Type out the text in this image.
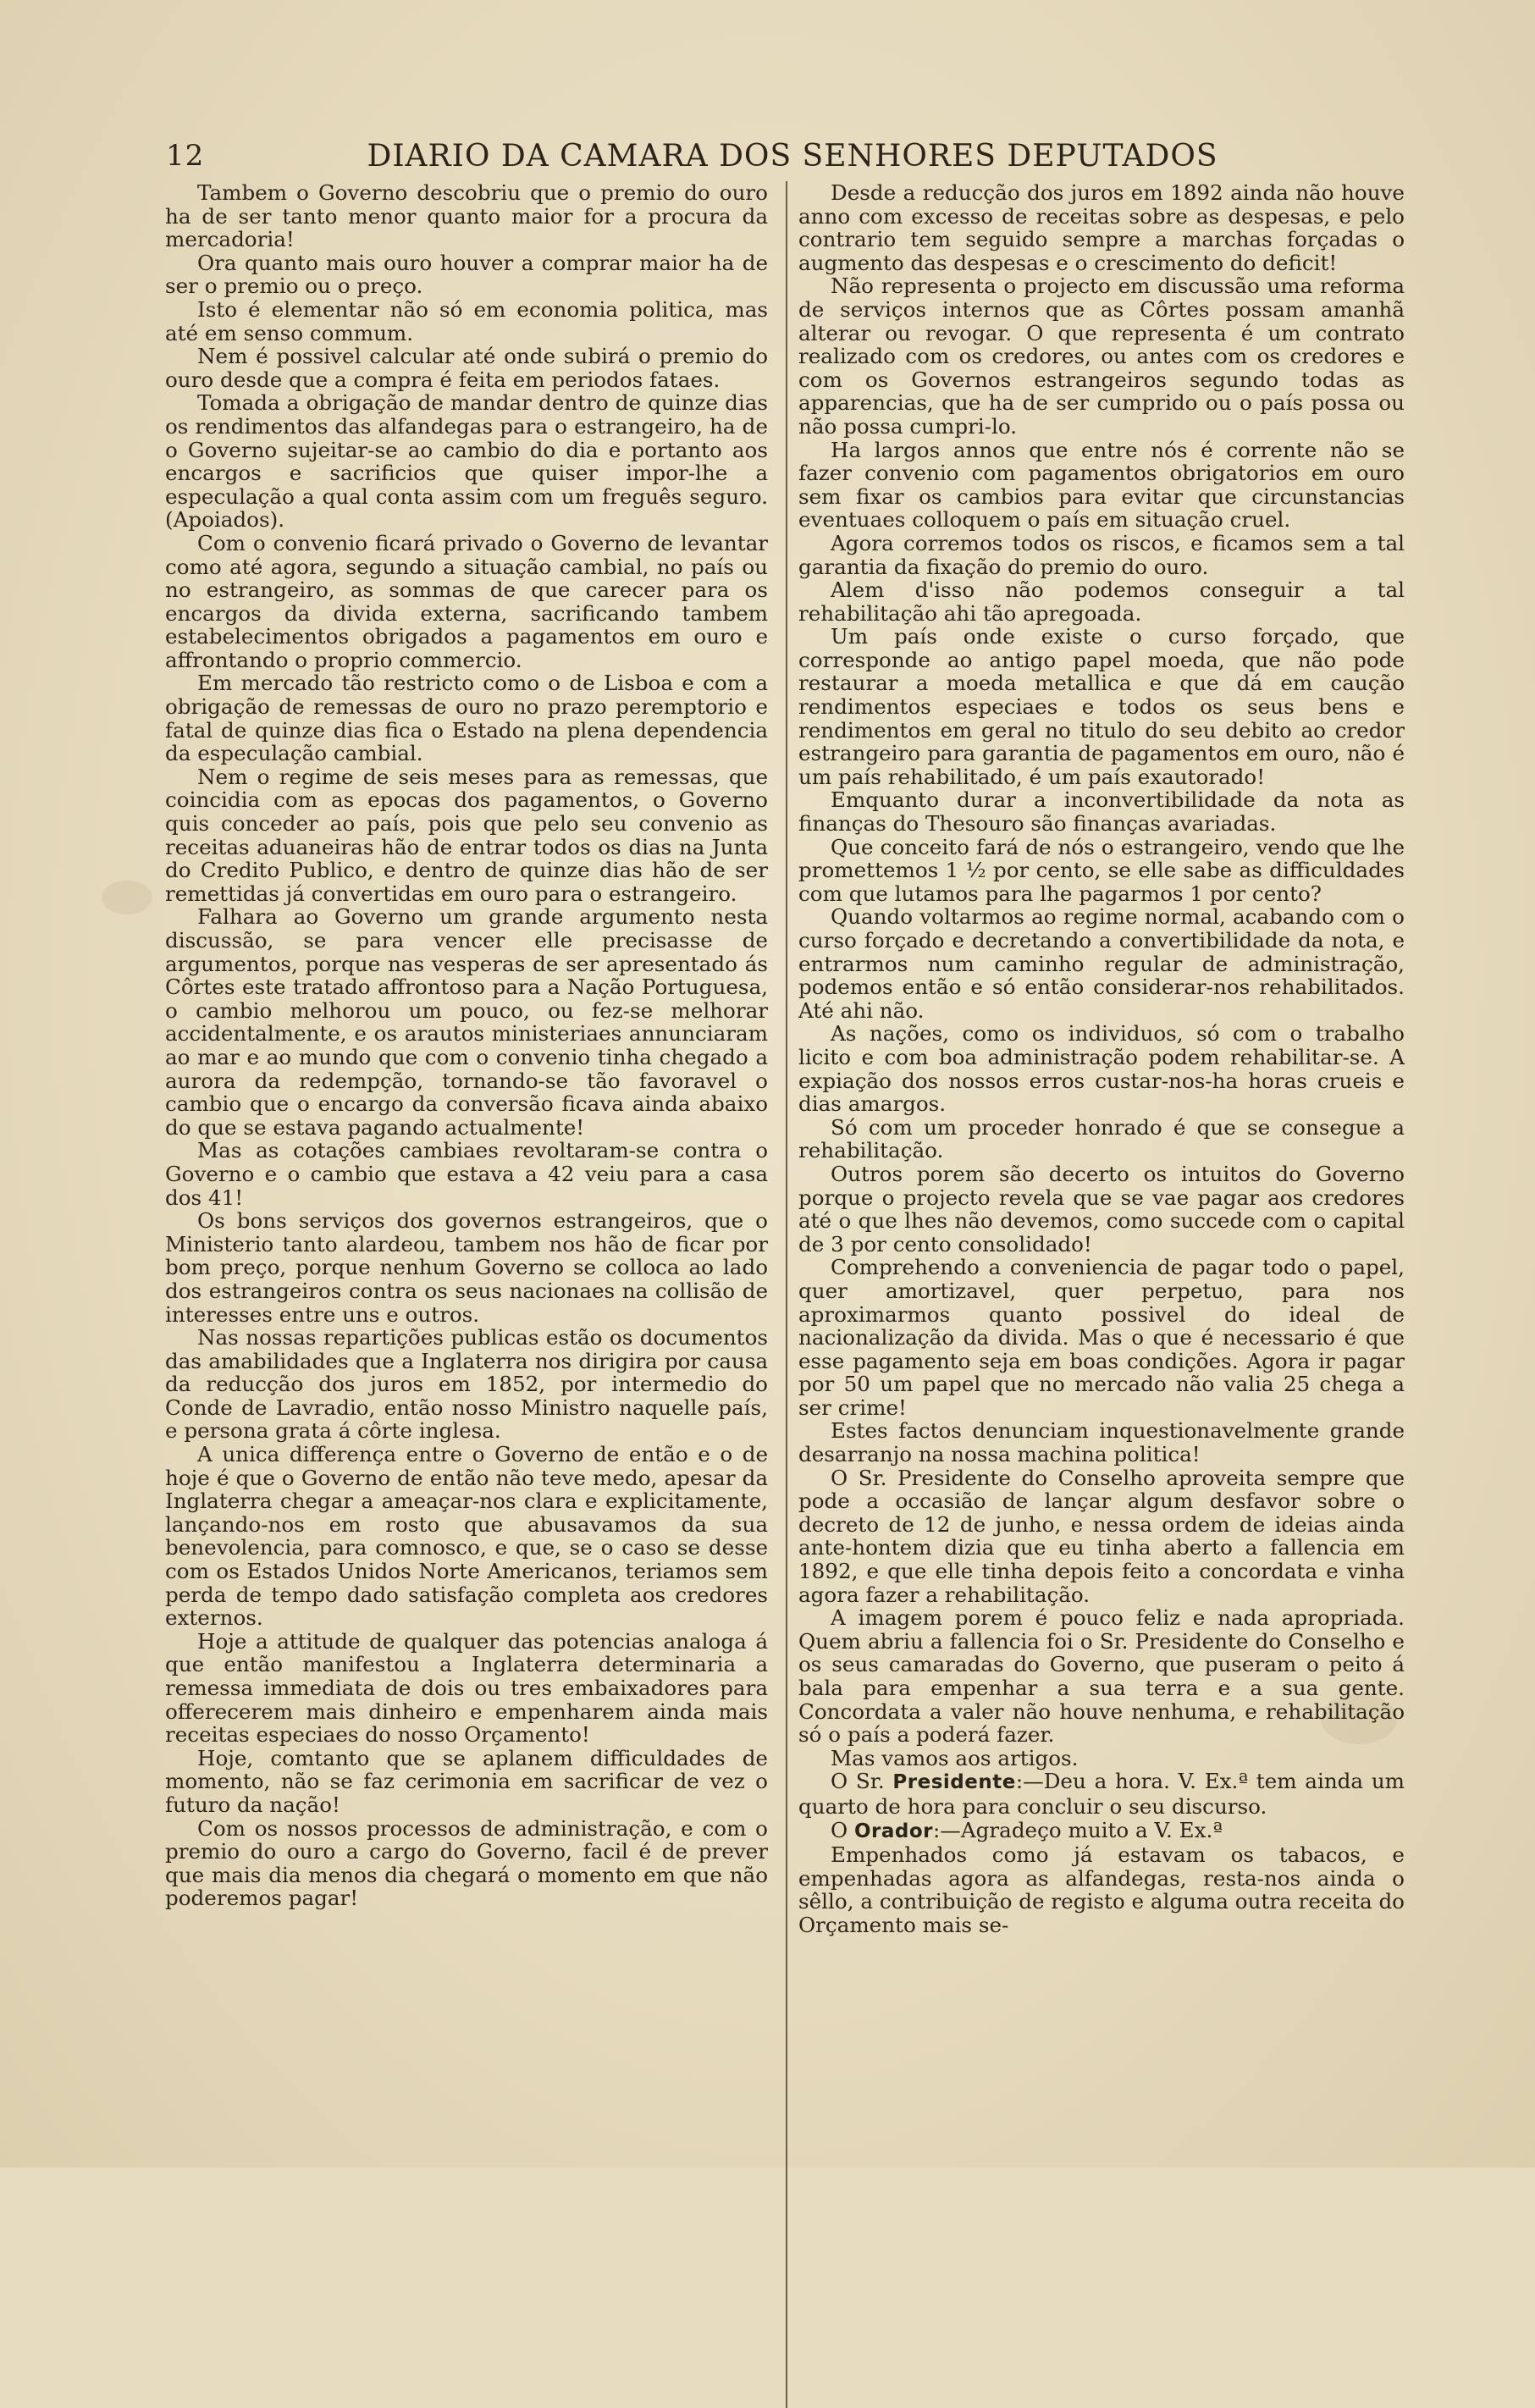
12	DIARIO DA CAMARA DOS SENHORES DEPUTADOS

Tambem o Governo descobriu que o premio do ouro ha de ser tanto menor quanto maior for a procura da mercadoria!

Ora quanto mais ouro houver a comprar maior ha de ser o premio ou o preço.

Isto é elementar não só em economia politica, mas até em senso commum.

Nem é possivel calcular até onde subirá o premio do ouro desde que a compra é feita em periodos fataes.

Tomada a obrigação de mandar dentro de quinze dias os rendimentos das alfandegas para o estrangeiro, ha de o Governo sujeitar-se ao cambio do dia e portanto aos encargos e sacrificios que quiser impor-lhe a especulação a qual conta assim com um freguês seguro. (Apoiados).

Com o convenio ficará privado o Governo de levantar como até agora, segundo a situação cambial, no país ou no estrangeiro, as sommas de que carecer para os encargos da divida externa, sacrificando tambem estabelecimentos obrigados a pagamentos em ouro e affrontando o proprio commercio.

Em mercado tão restricto como o de Lisboa e com a obrigação de remessas de ouro no prazo peremptorio e fatal de quinze dias fica o Estado na plena dependencia da especulação cambial.

Nem o regime de seis meses para as remessas, que coincidia com as epocas dos pagamentos, o Governo quis conceder ao país, pois que pelo seu convenio as receitas aduaneiras hão de entrar todos os dias na Junta do Credito Publico, e dentro de quinze dias hão de ser remettidas já convertidas em ouro para o estrangeiro.

Falhara ao Governo um grande argumento nesta discussão, se para vencer elle precisasse de argumentos, porque nas vesperas de ser apresentado ás Côrtes este tratado affrontoso para a Nação Portuguesa, o cambio melhorou um pouco, ou fez-se melhorar accidentalmente, e os arautos ministeriaes annunciaram ao mar e ao mundo que com o convenio tinha chegado a aurora da redempção, tornando-se tão favoravel o cambio que o encargo da conversão ficava ainda abaixo do que se estava pagando actualmente!

Mas as cotações cambiaes revoltaram-se contra o Governo e o cambio que estava a 42 veiu para a casa dos 41!

Os bons serviços dos governos estrangeiros, que o Ministerio tanto alardeou, tambem nos hão de ficar por bom preço, porque nenhum Governo se colloca ao lado dos estrangeiros contra os seus nacionaes na collisão de interesses entre uns e outros.

Nas nossas repartições publicas estão os documentos das amabilidades que a Inglaterra nos dirigira por causa da reducção dos juros em 1852, por intermedio do Conde de Lavradio, então nosso Ministro naquelle país, e persona grata á côrte inglesa.

A unica differença entre o Governo de então e o de hoje é que o Governo de então não teve medo, apesar da Inglaterra chegar a ameaçar-nos clara e explicitamente, lançando-nos em rosto que abusavamos da sua benevolencia, para comnosco, e que, se o caso se desse com os Estados Unidos Norte Americanos, teriamos sem perda de tempo dado satisfação completa aos credores externos.

Hoje a attitude de qualquer das potencias analoga á que então manifestou a Inglaterra determinaria a remessa immediata de dois ou tres embaixadores para offerecerem mais dinheiro e empenharem ainda mais receitas especiaes do nosso Orçamento!

Hoje, comtanto que se aplanem difficuldades de momento, não se faz cerimonia em sacrificar de vez o futuro da nação!

Com os nossos processos de administração, e com o premio do ouro a cargo do Governo, facil é de prever que mais dia menos dia chegará o momento em que não poderemos pagar!

Desde a reducção dos juros em 1892 ainda não houve anno com excesso de receitas sobre as despesas, e pelo contrario tem seguido sempre a marchas forçadas o augmento das despesas e o crescimento do deficit!

Não representa o projecto em discussão uma reforma de serviços internos que as Côrtes possam amanhã alterar ou revogar. O que representa é um contrato realizado com os credores, ou antes com os credores e com os Governos estrangeiros segundo todas as apparencias, que ha de ser cumprido ou o país possa ou não possa cumpri-lo.

Ha largos annos que entre nós é corrente não se fazer convenio com pagamentos obrigatorios em ouro sem fixar os cambios para evitar que circunstancias eventuaes colloquem o país em situação cruel.

Agora corremos todos os riscos, e ficamos sem a tal garantia da fixação do premio do ouro.

Alem d'isso não podemos conseguir a tal rehabilitação ahi tão apregoada.

Um país onde existe o curso forçado, que corresponde ao antigo papel moeda, que não pode restaurar a moeda metallica e que dá em caução rendimentos especiaes e todos os seus bens e rendimentos em geral no titulo do seu debito ao credor estrangeiro para garantia de pagamentos em ouro, não é um país rehabilitado, é um país exautorado!

Emquanto durar a inconvertibilidade da nota as finanças do Thesouro são finanças avariadas.

Que conceito fará de nós o estrangeiro, vendo que lhe promettemos 1 ½ por cento, se elle sabe as difficuldades com que lutamos para lhe pagarmos 1 por cento?

Quando voltarmos ao regime normal, acabando com o curso forçado e decretando a convertibilidade da nota, e entrarmos num caminho regular de administração, podemos então e só então considerar-nos rehabilitados. Até ahi não.

As nações, como os individuos, só com o trabalho licito e com boa administração podem rehabilitar-se. A expiação dos nossos erros custar-nos-ha horas crueis e dias amargos.

Só com um proceder honrado é que se consegue a rehabilitação.

Outros porem são decerto os intuitos do Governo porque o projecto revela que se vae pagar aos credores até o que lhes não devemos, como succede com o capital de 3 por cento consolidado!

Comprehendo a conveniencia de pagar todo o papel, quer amortizavel, quer perpetuo, para nos aproximarmos quanto possivel do ideal de nacionalização da divida. Mas o que é necessario é que esse pagamento seja em boas condições. Agora ir pagar por 50 um papel que no mercado não valia 25 chega a ser crime!

Estes factos denunciam inquestionavelmente grande desarranjo na nossa machina politica!

O Sr. Presidente do Conselho aproveita sempre que pode a occasião de lançar algum desfavor sobre o decreto de 12 de junho, e nessa ordem de ideias ainda ante-hontem dizia que eu tinha aberto a fallencia em 1892, e que elle tinha depois feito a concordata e vinha agora fazer a rehabilitação.

A imagem porem é pouco feliz e nada apropriada. Quem abriu a fallencia foi o Sr. Presidente do Conselho e os seus camaradas do Governo, que puseram o peito á bala para empenhar a sua terra e a sua gente. Concordata a valer não houve nenhuma, e rehabilitação só o país a poderá fazer.

Mas vamos aos artigos.

O Sr. Presidente:—Deu a hora. V. Ex.ª tem ainda um quarto de hora para concluir o seu discurso.

O Orador:—Agradeço muito a V. Ex.ª

Empenhados como já estavam os tabacos, e empenhadas agora as alfandegas, resta-nos ainda o sêllo, a contribuição de registo e alguma outra receita do Orçamento mais se-
